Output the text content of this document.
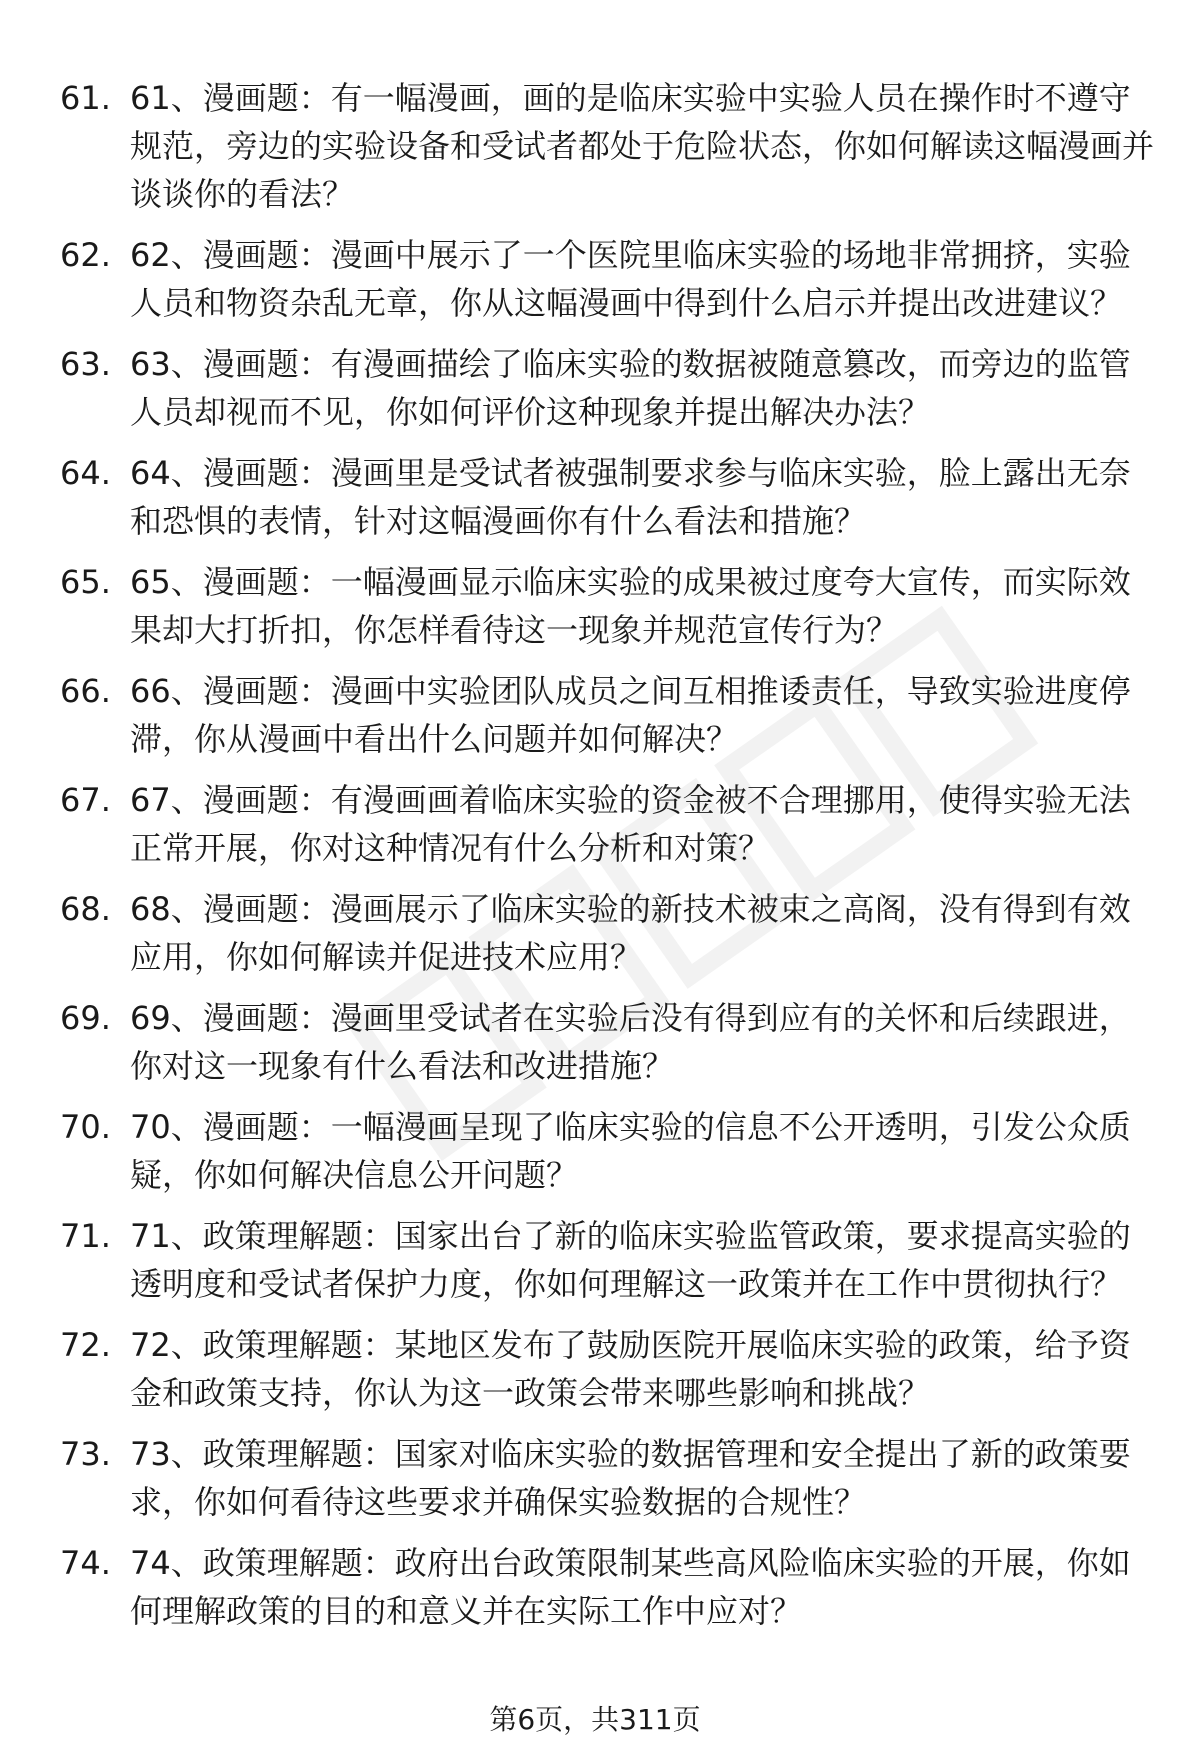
61. 61、漫画题：有一幅漫画，画的是临床实验中实验人员在操作时不遵守规范，旁边的实验设备和受试者都处于危险状态，你如何解读这幅漫画并谈谈你的看法？
62. 62、漫画题：漫画中展示了一个医院里临床实验的场地非常拥挤，实验人员和物资杂乱无章，你从这幅漫画中得到什么启示并提出改进建议？
63. 63、漫画题：有漫画描绘了临床实验的数据被随意篡改，而旁边的监管人员却视而不见，你如何评价这种现象并提出解决办法？
64. 64、漫画题：漫画里是受试者被强制要求参与临床实验，脸上露出无奈和恐惧的表情，针对这幅漫画你有什么看法和措施？
65. 65、漫画题：一幅漫画显示临床实验的成果被过度夸大宣传，而实际效果却大打折扣，你怎样看待这一现象并规范宣传行为？
66. 66、漫画题：漫画中实验团队成员之间互相推诿责任，导致实验进度停滞，你从漫画中看出什么问题并如何解决？
67. 67、漫画题：有漫画画着临床实验的资金被不合理挪用，使得实验无法正常开展，你对这种情况有什么分析和对策？
68. 68、漫画题：漫画展示了临床实验的新技术被束之高阁，没有得到有效应用，你如何解读并促进技术应用？
69. 69、漫画题：漫画里受试者在实验后没有得到应有的关怀和后续跟进，你对这一现象有什么看法和改进措施？
70. 70、漫画题：一幅漫画呈现了临床实验的信息不公开透明，引发公众质疑，你如何解决信息公开问题？
71. 71、政策理解题：国家出台了新的临床实验监管政策，要求提高实验的透明度和受试者保护力度，你如何理解这一政策并在工作中贯彻执行？
72. 72、政策理解题：某地区发布了鼓励医院开展临床实验的政策，给予资金和政策支持，你认为这一政策会带来哪些影响和挑战？
73. 73、政策理解题：国家对临床实验的数据管理和安全提出了新的政策要求，你如何看待这些要求并确保实验数据的合规性？
74. 74、政策理解题：政府出台政策限制某些高风险临床实验的开展，你如何理解政策的目的和意义并在实际工作中应对？
第6页，共311页
